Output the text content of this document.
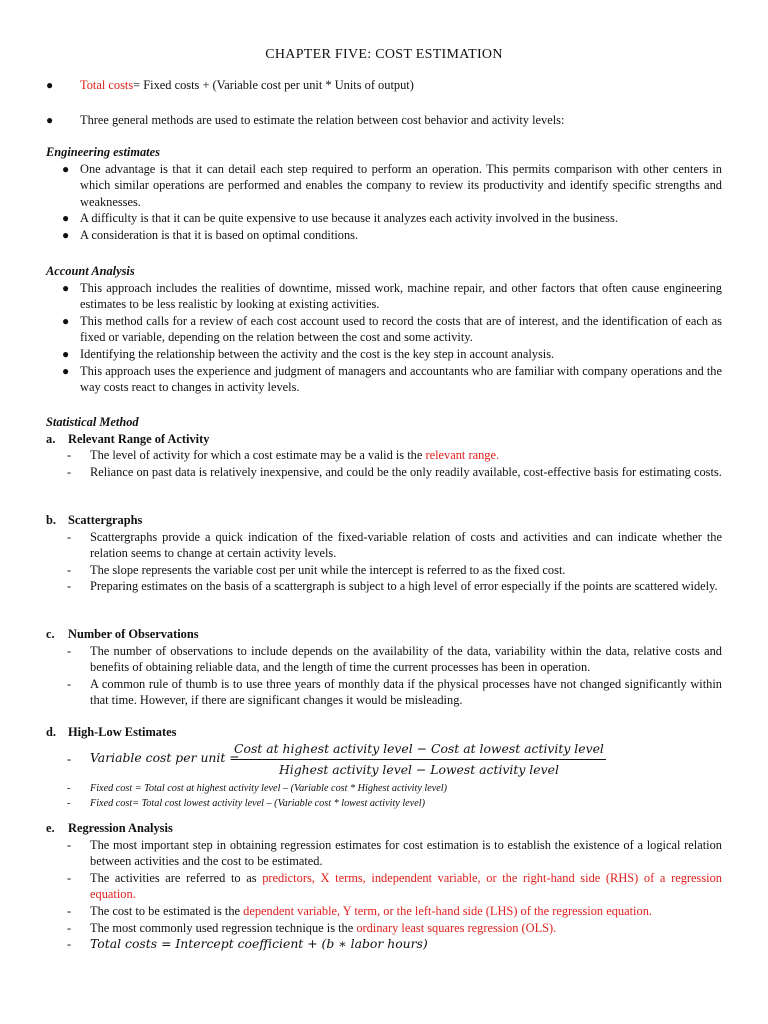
CHAPTER FIVE: COST ESTIMATION
● Total costs= Fixed costs + (Variable cost per unit * Units of output)
● Three general methods are used to estimate the relation between cost behavior and activity levels:
Engineering estimates
● One advantage is that it can detail each step required to perform an operation. This permits comparison with other centers in which similar operations are performed and enables the company to review its productivity and identify specific strengths and weaknesses.
● A difficulty is that it can be quite expensive to use because it analyzes each activity involved in the business.
● A consideration is that it is based on optimal conditions.
Account Analysis
● This approach includes the realities of downtime, missed work, machine repair, and other factors that often cause engineering estimates to be less realistic by looking at existing activities.
● This method calls for a review of each cost account used to record the costs that are of interest, and the identification of each as fixed or variable, depending on the relation between the cost and some activity.
● Identifying the relationship between the activity and the cost is the key step in account analysis.
● This approach uses the experience and judgment of managers and accountants who are familiar with company operations and the way costs react to changes in activity levels.
Statistical Method
a. Relevant Range of Activity
- The level of activity for which a cost estimate may be a valid is the relevant range.
- Reliance on past data is relatively inexpensive, and could be the only readily available, cost-effective basis for estimating costs.
b. Scattergraphs
- Scattergraphs provide a quick indication of the fixed-variable relation of costs and activities and can indicate whether the relation seems to change at certain activity levels.
- The slope represents the variable cost per unit while the intercept is referred to as the fixed cost.
- Preparing estimates on the basis of a scattergraph is subject to a high level of error especially if the points are scattered widely.
c. Number of Observations
- The number of observations to include depends on the availability of the data, variability within the data, relative costs and benefits of obtaining reliable data, and the length of time the current processes has been in operation.
- A common rule of thumb is to use three years of monthly data if the physical processes have not changed significantly within that time. However, if there are significant changes it would be misleading.
d. High-Low Estimates
- Variable cost per unit =
Cost at highest activity level − Cost at lowest activity level
Highest activity level − Lowest activity level
- Fixed cost = Total cost at highest activity level – (Variable cost * Highest activity level)
- Fixed cost= Total cost lowest activity level – (Variable cost * lowest activity level)
e. Regression Analysis
- The most important step in obtaining regression estimates for cost estimation is to establish the existence of a logical relation between activities and the cost to be estimated.
- The activities are referred to as predictors, X terms, independent variable, or the right-hand side (RHS) of a regression equation.
- The cost to be estimated is the dependent variable, Y term, or the left-hand side (LHS) of the regression equation.
- The most commonly used regression technique is the ordinary least squares regression (OLS).
- Total costs = Intercept coefficient + (b ∗ labor hours)
